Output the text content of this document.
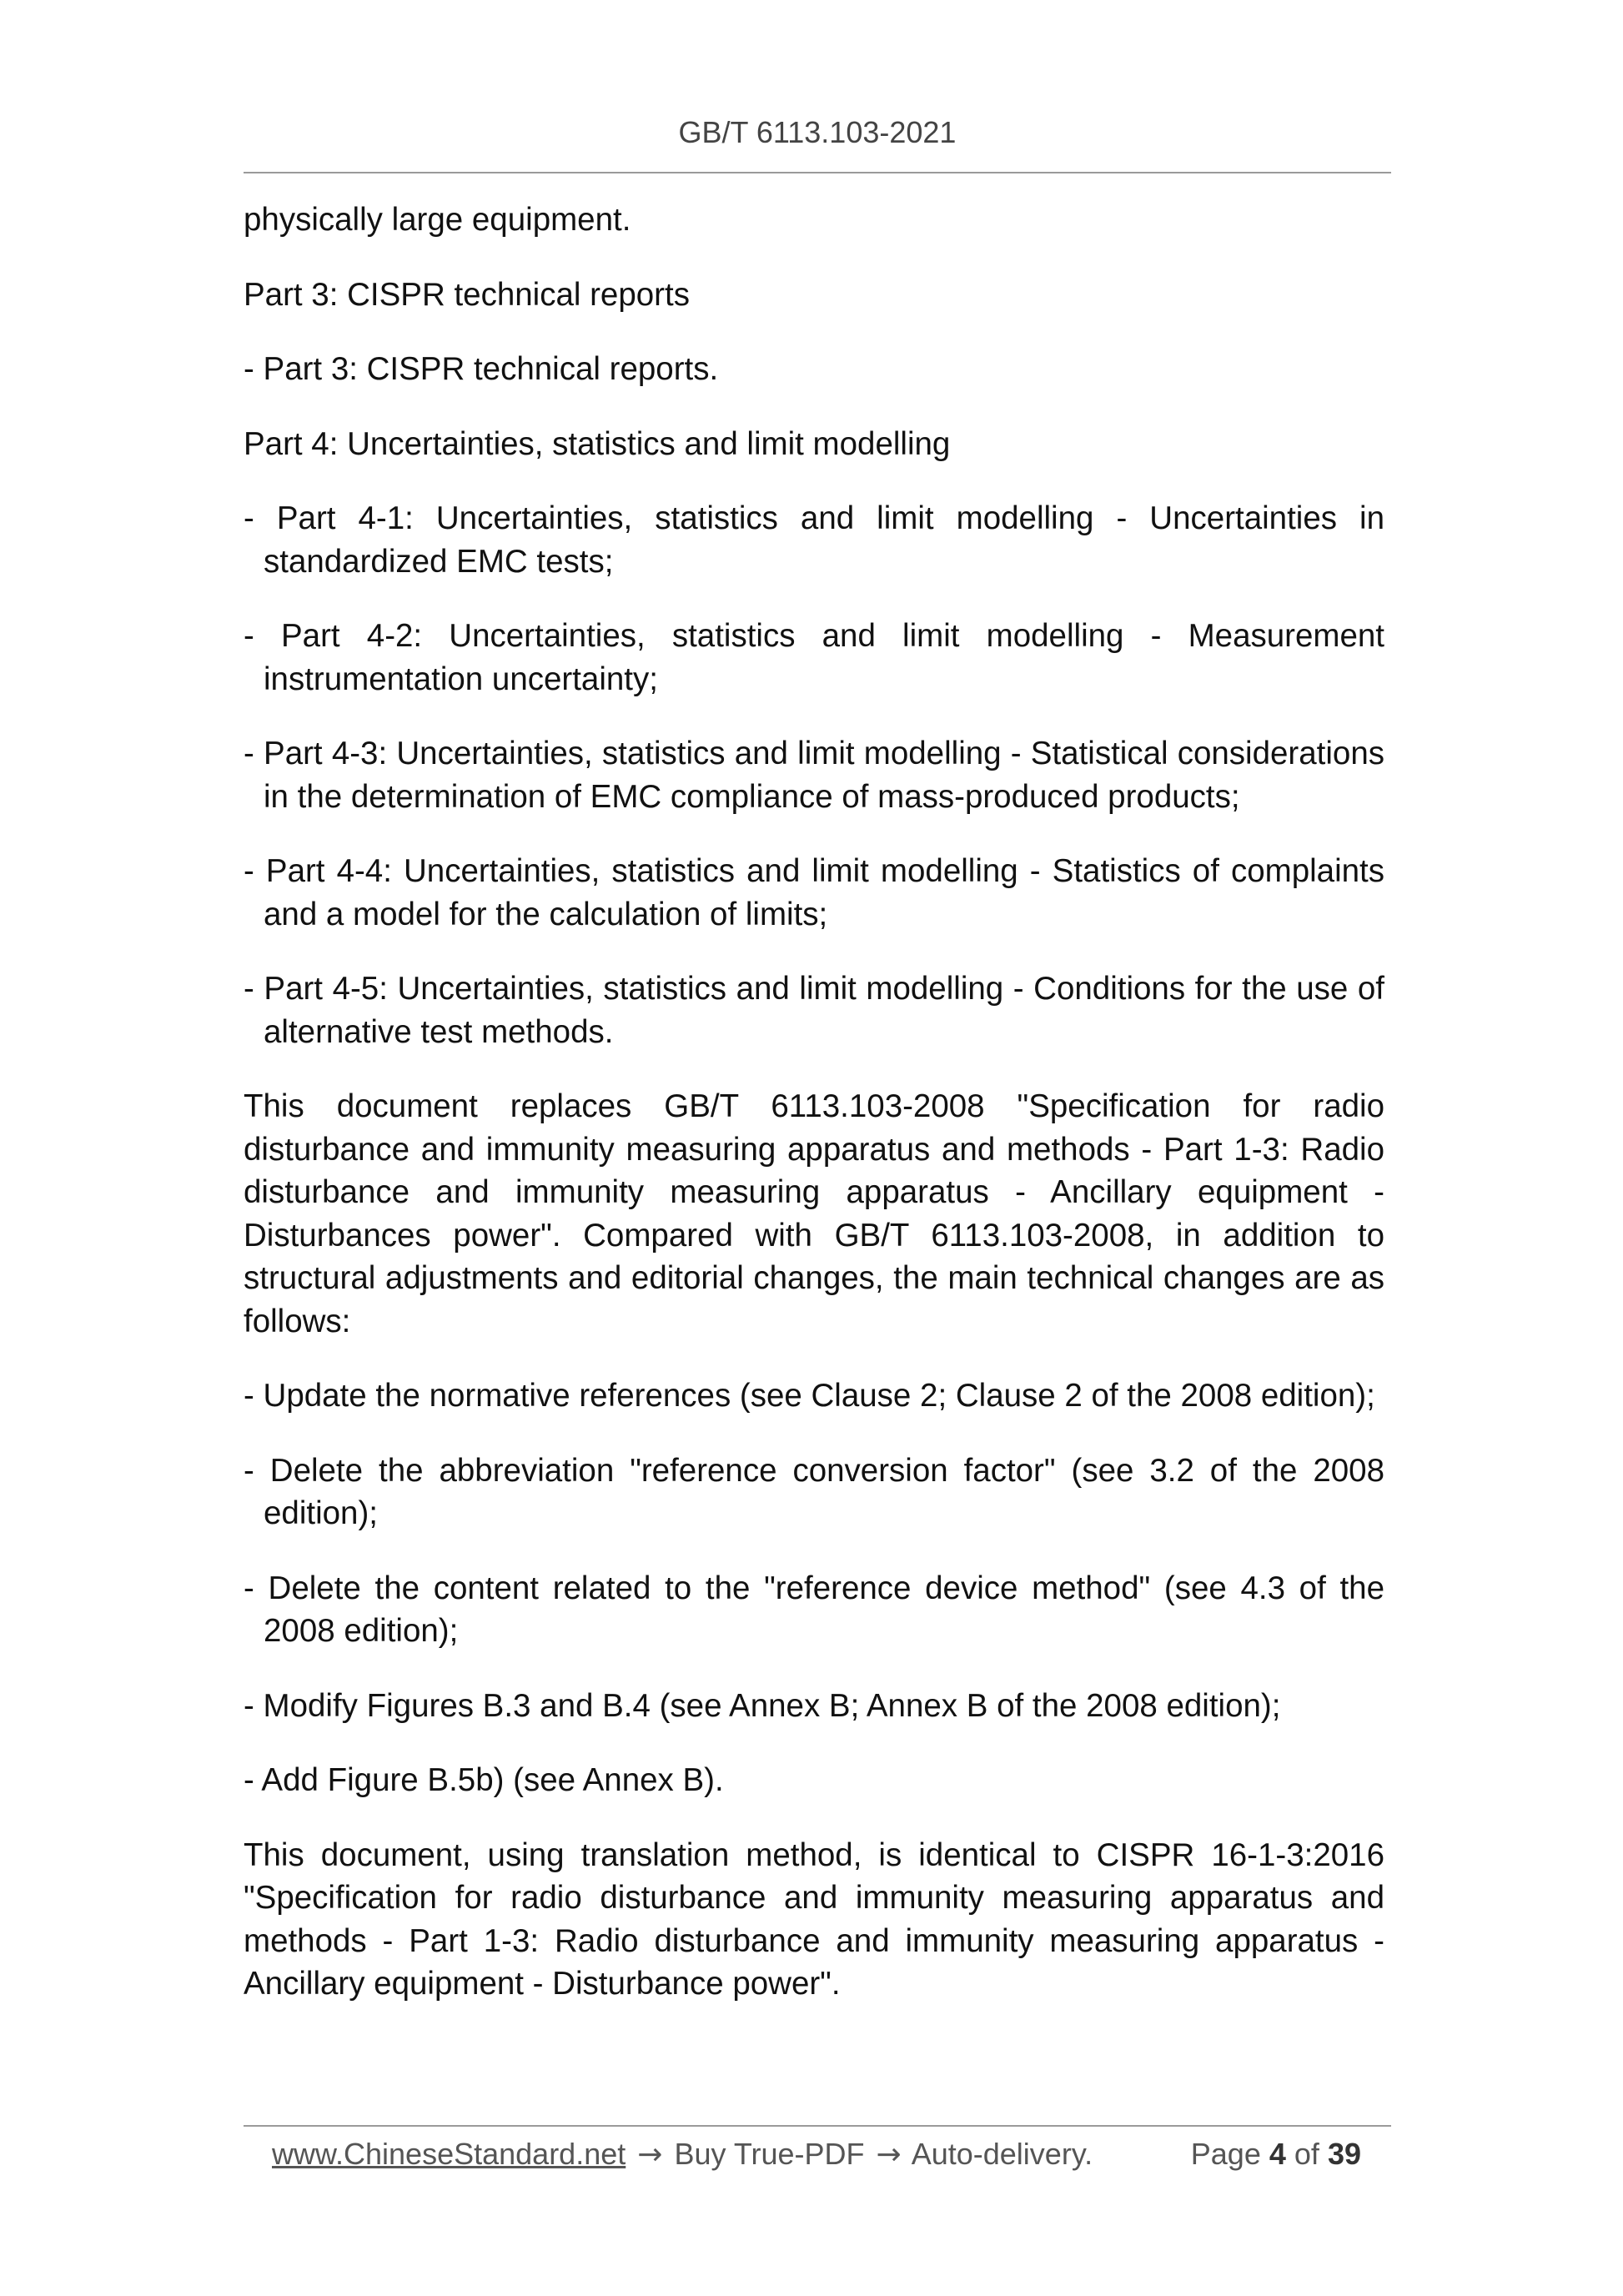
GB/T 6113.103-2021

physically large equipment.

Part 3: CISPR technical reports

- Part 3: CISPR technical reports.

Part 4: Uncertainties, statistics and limit modelling

- Part 4-1: Uncertainties, statistics and limit modelling - Uncertainties in standardized EMC tests;

- Part 4-2: Uncertainties, statistics and limit modelling - Measurement instrumentation uncertainty;

- Part 4-3: Uncertainties, statistics and limit modelling - Statistical considerations in the determination of EMC compliance of mass-produced products;

- Part 4-4: Uncertainties, statistics and limit modelling - Statistics of complaints and a model for the calculation of limits;

- Part 4-5: Uncertainties, statistics and limit modelling - Conditions for the use of alternative test methods.

This document replaces GB/T 6113.103-2008 "Specification for radio disturbance and immunity measuring apparatus and methods - Part 1-3: Radio disturbance and immunity measuring apparatus - Ancillary equipment - Disturbances power". Compared with GB/T 6113.103-2008, in addition to structural adjustments and editorial changes, the main technical changes are as follows:

- Update the normative references (see Clause 2; Clause 2 of the 2008 edition);

- Delete the abbreviation "reference conversion factor" (see 3.2 of the 2008 edition);

- Delete the content related to the "reference device method" (see 4.3 of the 2008 edition);

- Modify Figures B.3 and B.4 (see Annex B; Annex B of the 2008 edition);

- Add Figure B.5b) (see Annex B).

This document, using translation method, is identical to CISPR 16-1-3:2016 "Specification for radio disturbance and immunity measuring apparatus and methods - Part 1-3: Radio disturbance and immunity measuring apparatus - Ancillary equipment - Disturbance power".

www.ChineseStandard.net → Buy True-PDF → Auto-delivery.	Page 4 of 39
